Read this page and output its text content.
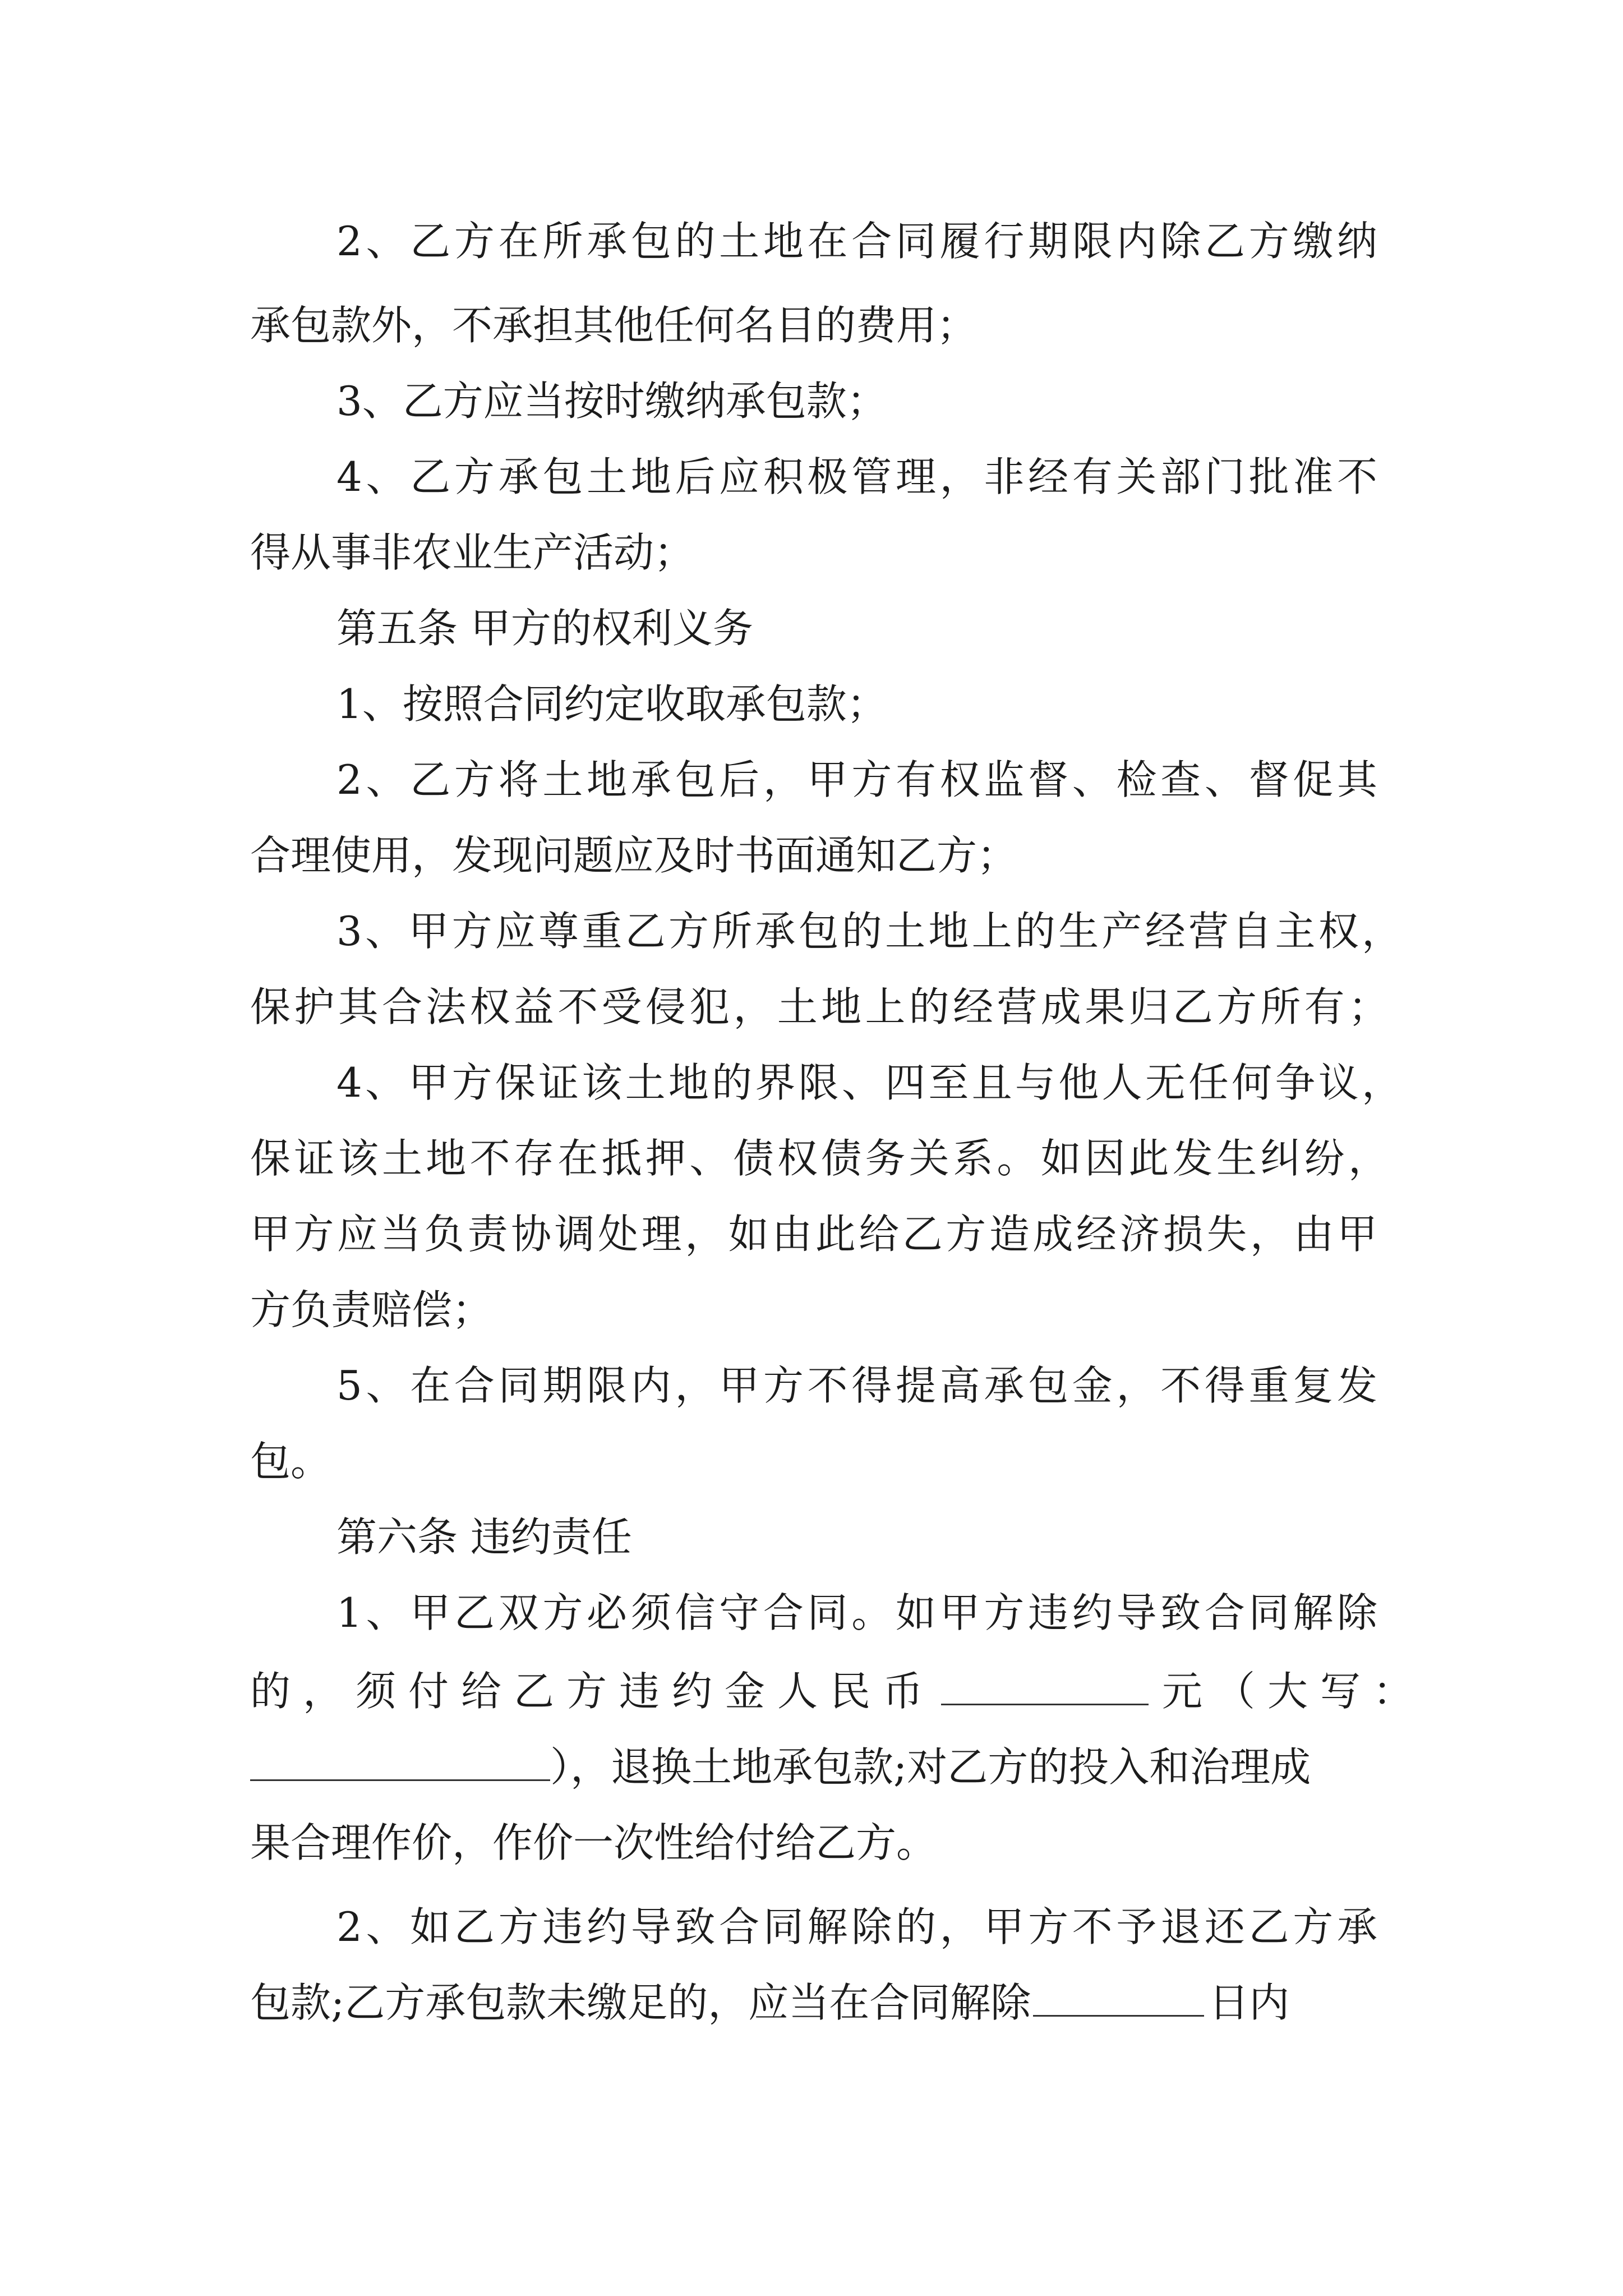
2、乙方在所承包的土地在合同履行期限内除乙方缴纳
承包款外，不承担其他任何名目的费用；
3、乙方应当按时缴纳承包款；
4、乙方承包土地后应积极管理，非经有关部门批准不
得从事非农业生产活动；
第五条 甲方的权利义务
1、按照合同约定收取承包款；
2、乙方将土地承包后，甲方有权监督、检查、督促其
合理使用，发现问题应及时书面通知乙方；
3、甲方应尊重乙方所承包的土地上的生产经营自主权，
保护其合法权益不受侵犯，土地上的经营成果归乙方所有；
4、甲方保证该土地的界限、四至且与他人无任何争议，
保证该土地不存在抵押、债权债务关系。如因此发生纠纷，
甲方应当负责协调处理，如由此给乙方造成经济损失，由甲
方负责赔偿；
5、在合同期限内，甲方不得提高承包金，不得重复发
包。
第六条 违约责任
1、甲乙双方必须信守合同。如甲方违约导致合同解除
的，须付给乙方违约金人民币	元（大写：
），退换土地承包款;对乙方的投入和治理成
果合理作价，作价一次性给付给乙方。
2、如乙方违约导致合同解除的，甲方不予退还乙方承
包款;乙方承包款未缴足的，应当在合同解除	日内
